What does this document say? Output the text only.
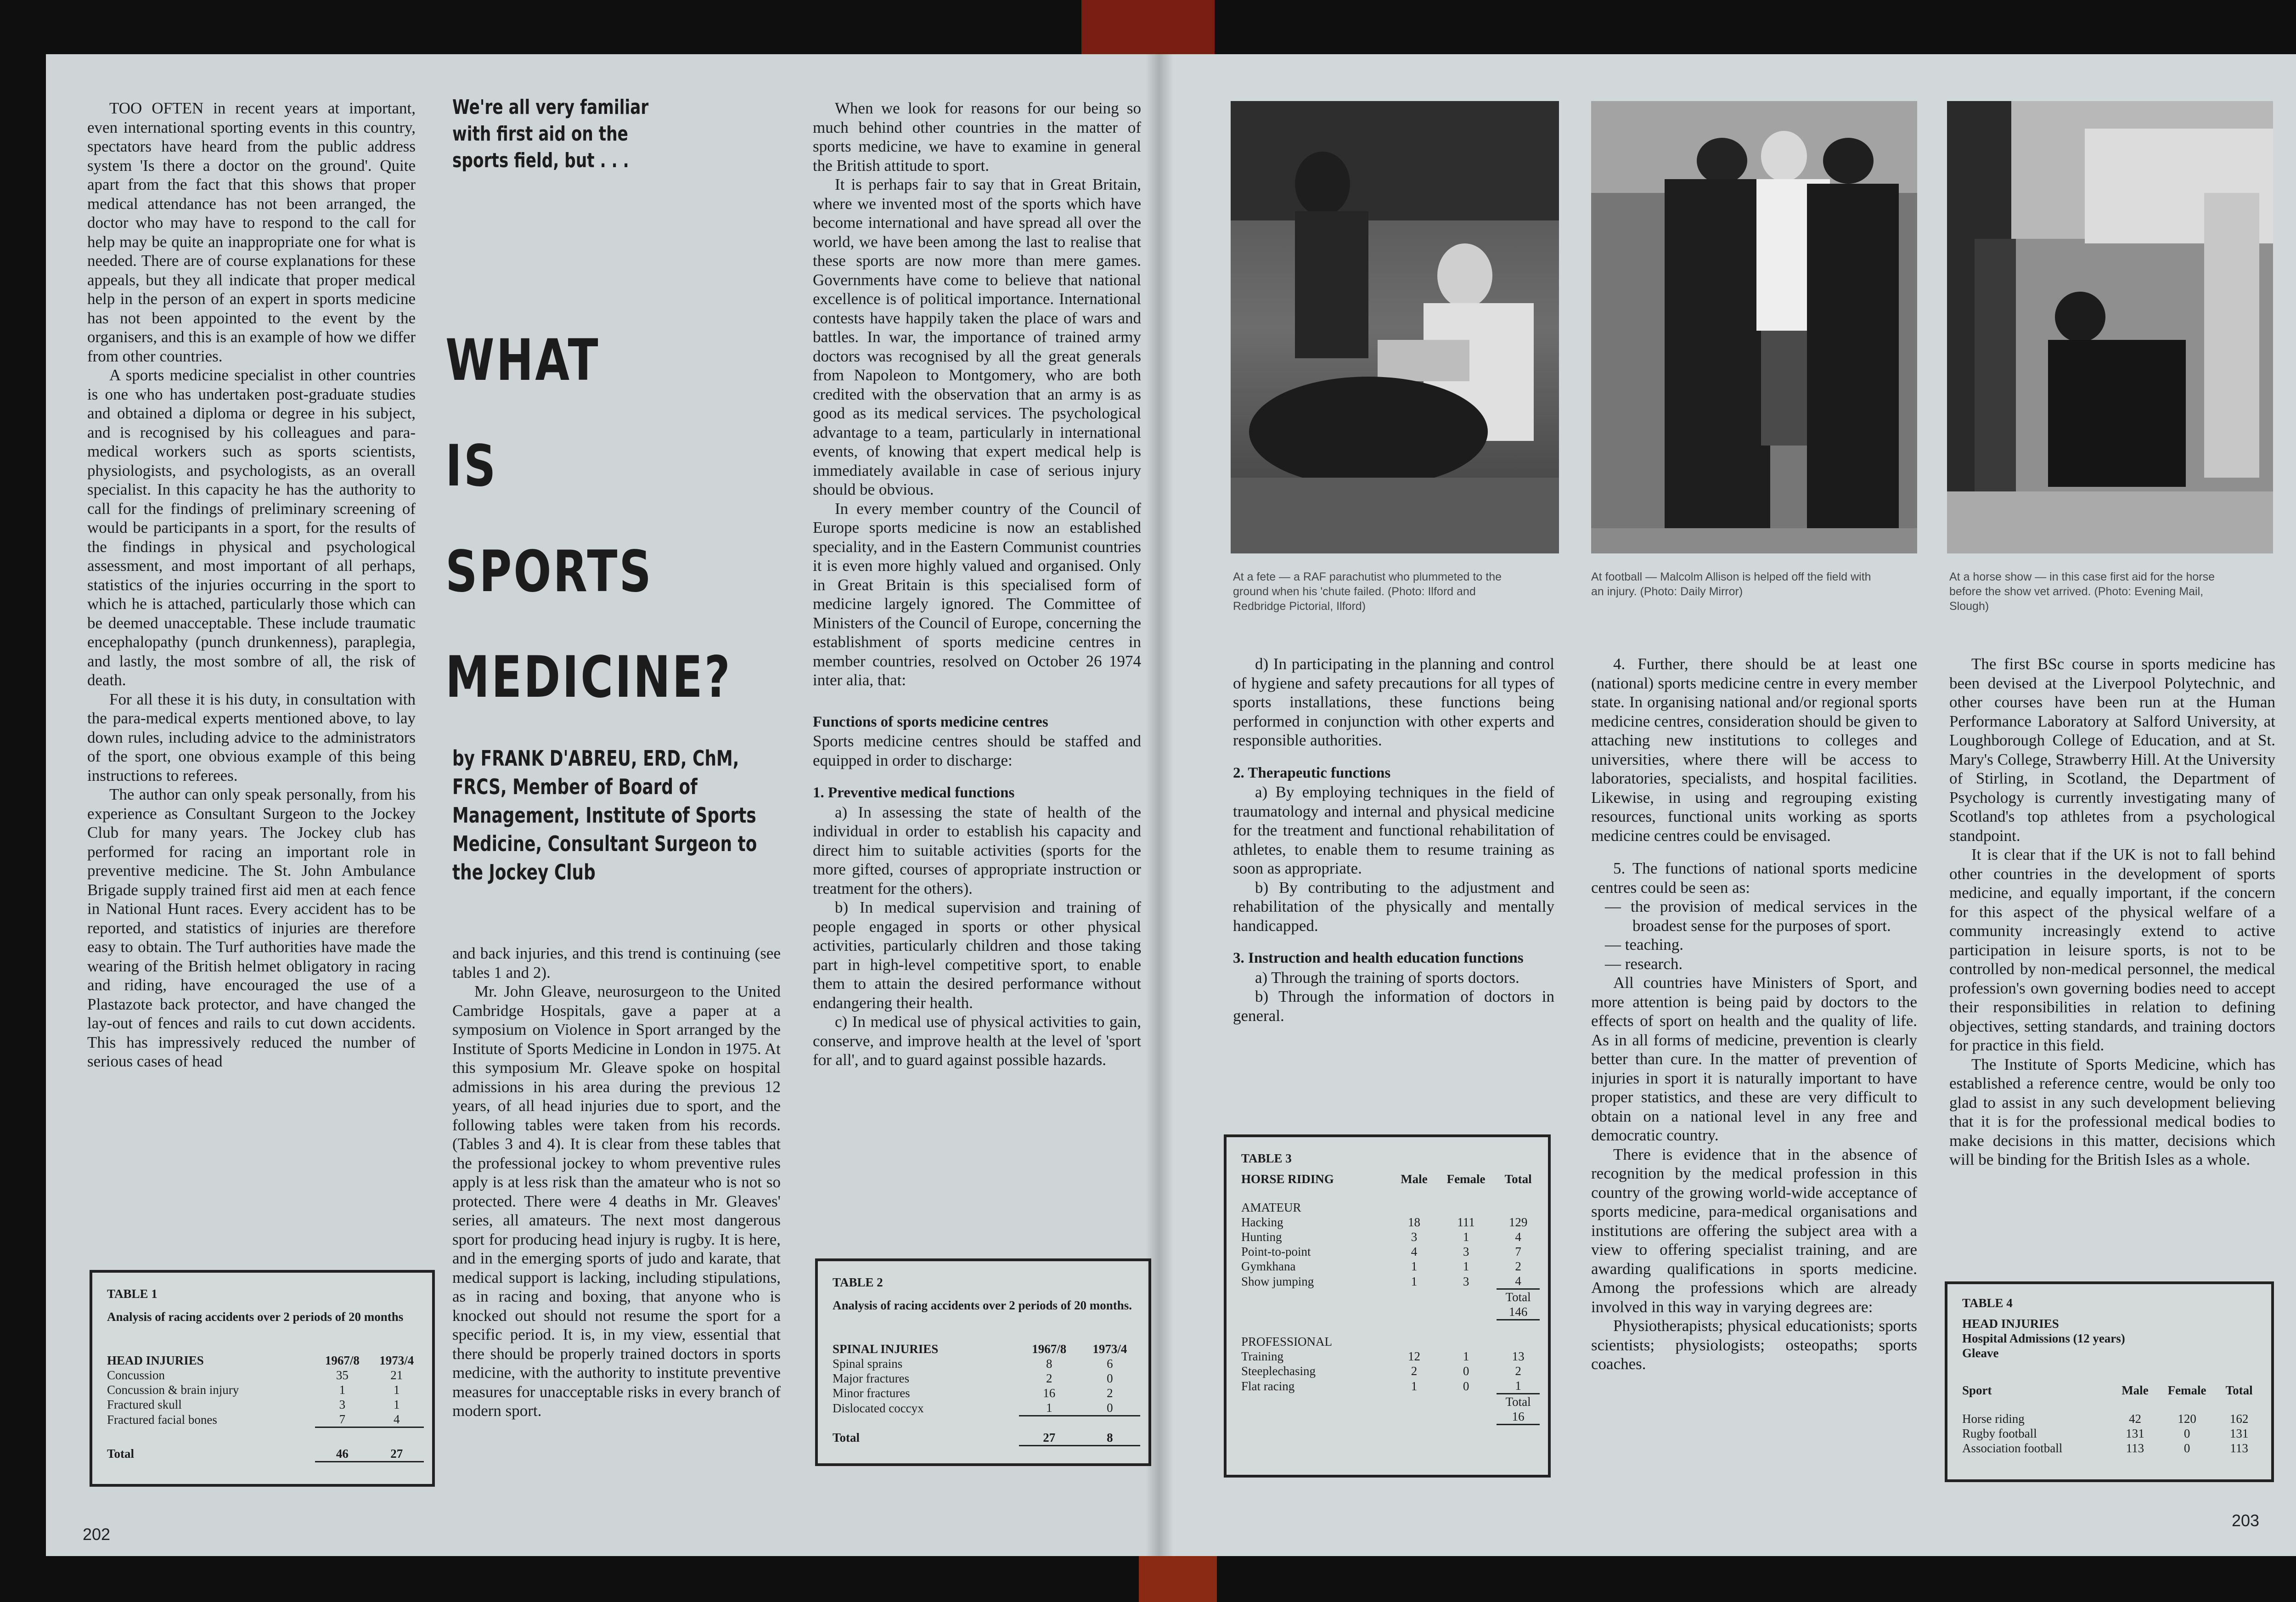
TOO OFTEN in recent years at important, even international sporting events in this country, spectators have heard from the public address system 'Is there a doctor on the ground'. Quite apart from the fact that this shows that proper medical attendance has not been arranged, the doctor who may have to respond to the call for help may be quite an inappropriate one for what is needed. There are of course explanations for these appeals, but they all indicate that proper medical help in the person of an expert in sports medicine has not been appointed to the event by the organisers, and this is an example of how we differ from other countries.

A sports medicine specialist in other countries is one who has undertaken post-graduate studies and obtained a diploma or degree in his subject, and is recognised by his colleagues and para-medical workers such as sports scientists, physiologists, and psychologists, as an overall specialist. In this capacity he has the authority to call for the findings of preliminary screening of would be participants in a sport, for the results of the findings in physical and psychological assessment, and most important of all perhaps, statistics of the injuries occurring in the sport to which he is attached, particularly those which can be deemed unacceptable. These include traumatic encephalopathy (punch drunkenness), paraplegia, and lastly, the most sombre of all, the risk of death.

For all these it is his duty, in consultation with the para-medical experts mentioned above, to lay down rules, including advice to the administrators of the sport, one obvious example of this being instructions to referees.

The author can only speak personally, from his experience as Consultant Surgeon to the Jockey Club for many years. The Jockey club has performed for racing an important role in preventive medicine. The St. John Ambulance Brigade supply trained first aid men at each fence in National Hunt races. Every accident has to be reported, and statistics of injuries are therefore easy to obtain. The Turf authorities have made the wearing of the British helmet obligatory in racing and riding, have encouraged the use of a Plastazote back protector, and have changed the lay-out of fences and rails to cut down accidents. This has impressively reduced the number of serious cases of head

We're all very familiar with first aid on the sports field, but . . .
WHAT
IS
SPORTS
MEDICINE?
by FRANK D'ABREU, ERD, ChM, FRCS, Member of Board of Management, Institute of Sports Medicine, Consultant Surgeon to the Jockey Club

and back injuries, and this trend is continuing (see tables 1 and 2).

Mr. John Gleave, neurosurgeon to the United Cambridge Hospitals, gave a paper at a symposium on Violence in Sport arranged by the Institute of Sports Medicine in London in 1975. At this symposium Mr. Gleave spoke on hospital admissions in his area during the previous 12 years, of all head injuries due to sport, and the following tables were taken from his records. (Tables 3 and 4). It is clear from these tables that the professional jockey to whom preventive rules apply is at less risk than the amateur who is not so protected. There were 4 deaths in Mr. Gleaves' series, all amateurs. The next most dangerous sport for producing head injury is rugby. It is here, and in the emerging sports of judo and karate, that medical support is lacking, including stipulations, as in racing and boxing, that anyone who is knocked out should not resume the sport for a specific period. It is, in my view, essential that there should be properly trained doctors in sports medicine, with the authority to institute preventive measures for unacceptable risks in every branch of modern sport.

When we look for reasons for our being so much behind other countries in the matter of sports medicine, we have to examine in general the British attitude to sport.

It is perhaps fair to say that in Great Britain, where we invented most of the sports which have become international and have spread all over the world, we have been among the last to realise that these sports are now more than mere games. Governments have come to believe that national excellence is of political importance. International contests have happily taken the place of wars and battles. In war, the importance of trained army doctors was recognised by all the great generals from Napoleon to Montgomery, who are both credited with the observation that an army is as good as its medical services. The psychological advantage to a team, particularly in international events, of knowing that expert medical help is immediately available in case of serious injury should be obvious.

In every member country of the Council of Europe sports medicine is now an established speciality, and in the Eastern Communist countries it is even more highly valued and organised. Only in Great Britain is this specialised form of medicine largely ignored. The Committee of Ministers of the Council of Europe, concerning the establishment of sports medicine centres in member countries, resolved on October 26 1974 inter alia, that:

Functions of sports medicine centres

Sports medicine centres should be staffed and equipped in order to discharge:

1. Preventive medical functions

a) In assessing the state of health of the individual in order to establish his capacity and direct him to suitable activities (sports for the more gifted, courses of appropriate instruction or treatment for the others).

b) In medical supervision and training of people engaged in sports or other physical activities, particularly children and those taking part in high-level competitive sport, to enable them to attain the desired performance without endangering their health.

c) In medical use of physical activities to gain, conserve, and improve health at the level of 'sport for all', and to guard against possible hazards.

TABLE 1
Analysis of racing accidents over 2 periods of 20 months
HEAD INJURIES	1967/8	1973/4
Concussion	35	21
Concussion & brain injury	1	1
Fractured skull	3	1
Fractured facial bones	7	4
Total	46	27
TABLE 2
Analysis of racing accidents over 2 periods of 20 months.
SPINAL INJURIES	1967/8	1973/4
Spinal sprains	8	6
Major fractures	2	0
Minor fractures	16	2
Dislocated coccyx	1	0
Total	27	8
202
At a fete — a RAF parachutist who plummeted to the ground when his 'chute failed. (Photo: Ilford and Redbridge Pictorial, Ilford)
At football — Malcolm Allison is helped off the field with an injury. (Photo: Daily Mirror)
At a horse show — in this case first aid for the horse before the show vet arrived. (Photo: Evening Mail, Slough)

d) In participating in the planning and control of hygiene and safety precautions for all types of sports installations, these functions being performed in conjunction with other experts and responsible authorities.

2. Therapeutic functions

a) By employing techniques in the field of traumatology and internal and physical medicine for the treatment and functional rehabilitation of athletes, to enable them to resume training as soon as appropriate.

b) By contributing to the adjustment and rehabilitation of the physically and mentally handicapped.

3. Instruction and health education functions

a) Through the training of sports doctors.

b) Through the information of doctors in general.

TABLE 3
HORSE RIDING	Male	Female	Total
AMATEUR			
Hacking	18	111	129
Hunting	3	1	4
Point-to-point	4	3	7
Gymkhana	1	1	2
Show jumping	1	3	4
			Total
			146
PROFESSIONAL			
Training	12	1	13
Steeplechasing	2	0	2
Flat racing	1	0	1
			Total
			16

4. Further, there should be at least one (national) sports medicine centre in every member state. In organising national and/or regional sports medicine centres, consideration should be given to attaching new institutions to colleges and universities, where there will be access to laboratories, specialists, and hospital facilities. Likewise, in using and regrouping existing resources, functional units working as sports medicine centres could be envisaged.

5. The functions of national sports medicine centres could be seen as:

— the provision of medical services in the broadest sense for the purposes of sport.
— teaching.
— research.

All countries have Ministers of Sport, and more attention is being paid by doctors to the effects of sport on health and the quality of life. As in all forms of medicine, prevention is clearly better than cure. In the matter of prevention of injuries in sport it is naturally important to have proper statistics, and these are very difficult to obtain on a national level in any free and democratic country.

There is evidence that in the absence of recognition by the medical profession in this country of the growing world-wide acceptance of sports medicine, para-medical organisations and institutions are offering the subject area with a view to offering specialist training, and are awarding qualifications in sports medicine. Among the professions which are already involved in this way in varying degrees are:

Physiotherapists; physical educationists; sports scientists; physiologists; osteopaths; sports coaches.

The first BSc course in sports medicine has been devised at the Liverpool Polytechnic, and other courses have been run at the Human Performance Laboratory at Salford University, at Loughborough College of Education, and at St. Mary's College, Strawberry Hill. At the University of Stirling, in Scotland, the Department of Psychology is currently investigating many of Scotland's top athletes from a psychological standpoint.

It is clear that if the UK is not to fall behind other countries in the development of sports medicine, and equally important, if the concern for this aspect of the physical welfare of a community increasingly extend to active participation in leisure sports, is not to be controlled by non-medical personnel, the medical profession's own governing bodies need to accept their responsibilities in relation to defining objectives, setting standards, and training doctors for practice in this field.

The Institute of Sports Medicine, which has established a reference centre, would be only too glad to assist in any such development believing that it is for the professional medical bodies to make decisions in this matter, decisions which will be binding for the British Isles as a whole.

TABLE 4
HEAD INJURIES
Hospital Admissions (12 years)
Gleave
Sport	Male	Female	Total
Horse riding	42	120	162
Rugby football	131	0	131
Association football	113	0	113
203
